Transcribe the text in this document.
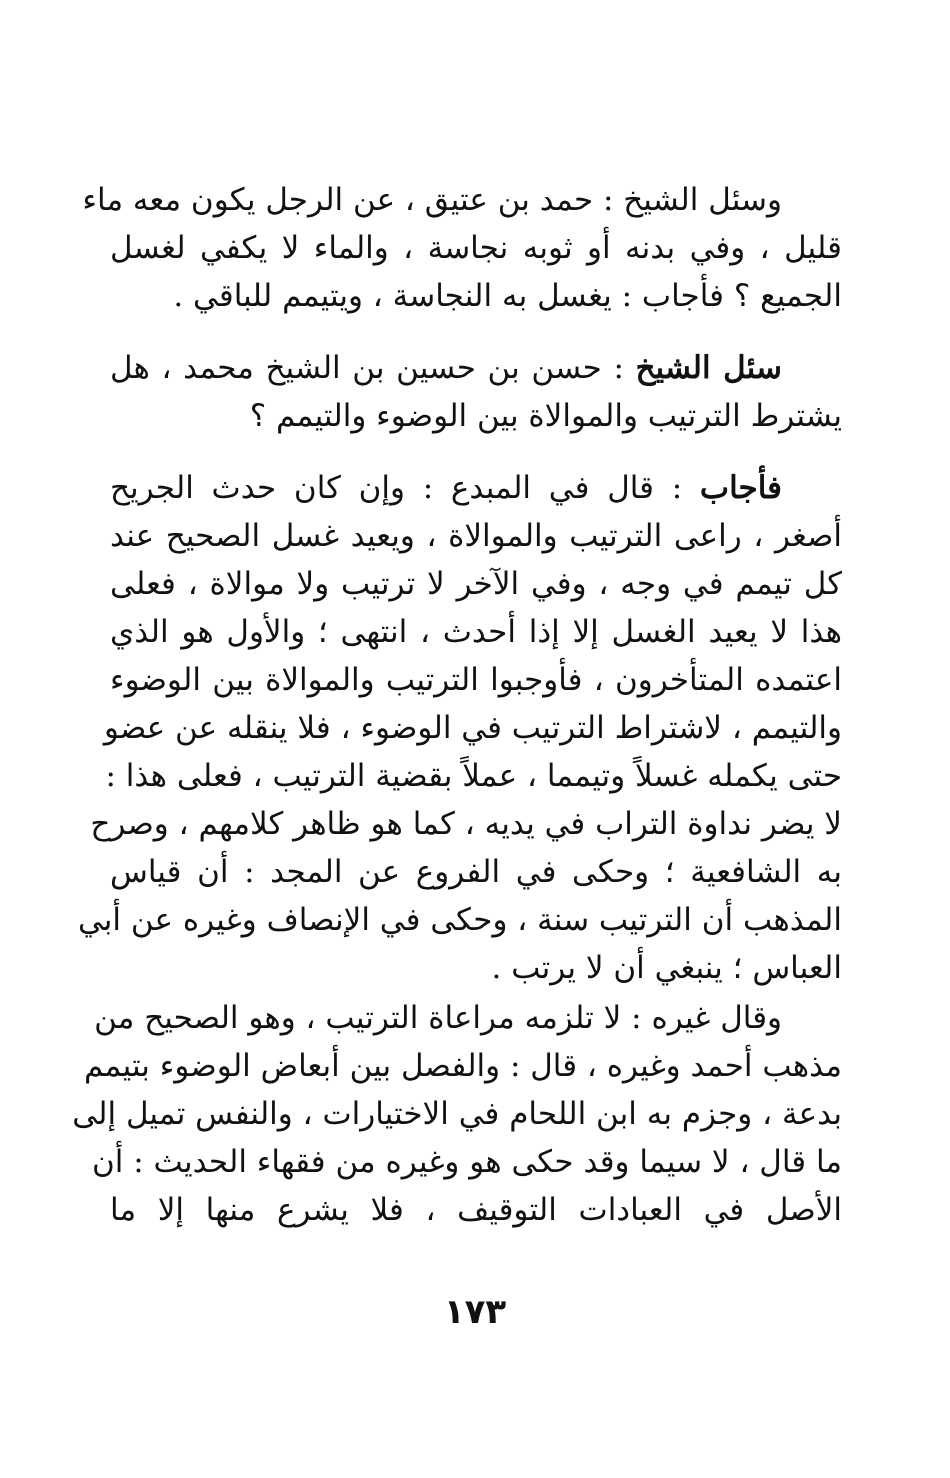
وسئل الشيخ : حمد بن عتيق ، عن الرجل يكون معه ماء
قليل ، وفي بدنه أو ثوبه نجاسة ، والماء لا يكفي لغسل
الجميع ؟ فأجاب : يغسل به النجاسة ، ويتيمم للباقي .

سئل الشيخ : حسن بن حسين بن الشيخ محمد ، هل
يشترط الترتيب والموالاة بين الوضوء والتيمم ؟

فأجاب : قال في المبدع : وإن كان حدث الجريح
أصغر ، راعى الترتيب والموالاة ، ويعيد غسل الصحيح عند
كل تيمم في وجه ، وفي الآخر لا ترتيب ولا موالاة ، فعلى
هذا لا يعيد الغسل إلا إذا أحدث ، انتهى ؛ والأول هو الذي
اعتمده المتأخرون ، فأوجبوا الترتيب والموالاة بين الوضوء
والتيمم ، لاشتراط الترتيب في الوضوء ، فلا ينقله عن عضو
حتى يكمله غسلاً وتيمما ، عملاً بقضية الترتيب ، فعلى هذا :
لا يضر نداوة التراب في يديه ، كما هو ظاهر كلامهم ، وصرح
به الشافعية ؛ وحكى في الفروع عن المجد : أن قياس
المذهب أن الترتيب سنة ، وحكى في الإنصاف وغيره عن أبي
العباس ؛ ينبغي أن لا يرتب .

وقال غيره : لا تلزمه مراعاة الترتيب ، وهو الصحيح من
مذهب أحمد وغيره ، قال : والفصل بين أبعاض الوضوء بتيمم
بدعة ، وجزم به ابن اللحام في الاختيارات ، والنفس تميل إلى
ما قال ، لا سيما وقد حكى هو وغيره من فقهاء الحديث : أن
الأصل في العبادات التوقيف ، فلا يشرع منها إلا ما

١٧٣
